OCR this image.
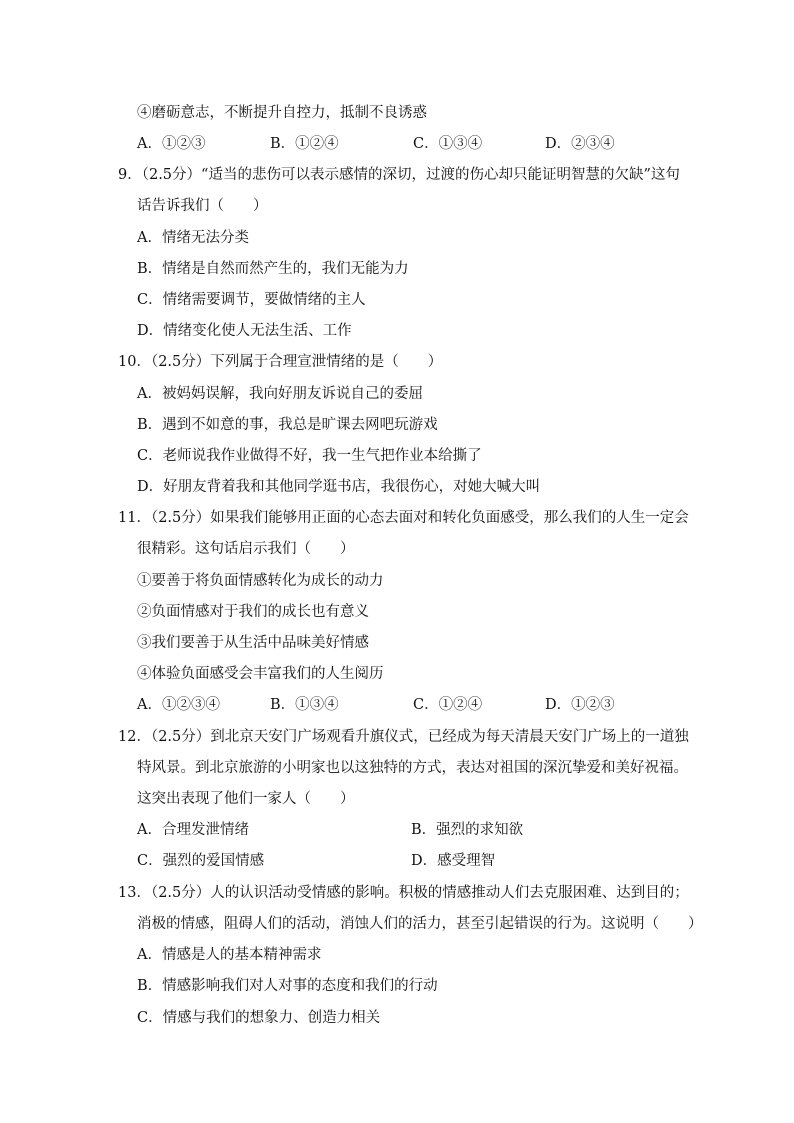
④磨砺意志，不断提升自控力，抵制不良诱惑
A．①②③	B．①②④	C．①③④	D．②③④
9．（2.5分）“适当的悲伤可以表示感情的深切，过渡的伤心却只能证明智慧的欠缺”这句
话告诉我们（　　）
A．情绪无法分类
B．情绪是自然而然产生的，我们无能为力
C．情绪需要调节，要做情绪的主人
D．情绪变化使人无法生活、工作
10．（2.5分）下列属于合理宣泄情绪的是（　　）
A．被妈妈误解，我向好朋友诉说自己的委屈
B．遇到不如意的事，我总是旷课去网吧玩游戏
C．老师说我作业做得不好，我一生气把作业本给撕了
D．好朋友背着我和其他同学逛书店，我很伤心，对她大喊大叫
11．（2.5分）如果我们能够用正面的心态去面对和转化负面感受，那么我们的人生一定会
很精彩。这句话启示我们（　　）
①要善于将负面情感转化为成长的动力
②负面情感对于我们的成长也有意义
③我们要善于从生活中品味美好情感
④体验负面感受会丰富我们的人生阅历
A．①②③④	B．①③④	C．①②④	D．①②③
12．（2.5分）到北京天安门广场观看升旗仪式，已经成为每天清晨天安门广场上的一道独
特风景。到北京旅游的小明家也以这独特的方式，表达对祖国的深沉挚爱和美好祝福。
这突出表现了他们一家人（　　）
A．合理发泄情绪	B．强烈的求知欲
C．强烈的爱国情感	D．感受理智
13．（2.5分）人的认识活动受情感的影响。积极的情感推动人们去克服困难、达到目的；
消极的情感，阻碍人们的活动，消蚀人们的活力，甚至引起错误的行为。这说明（　　）
A．情感是人的基本精神需求
B．情感影响我们对人对事的态度和我们的行动
C．情感与我们的想象力、创造力相关
